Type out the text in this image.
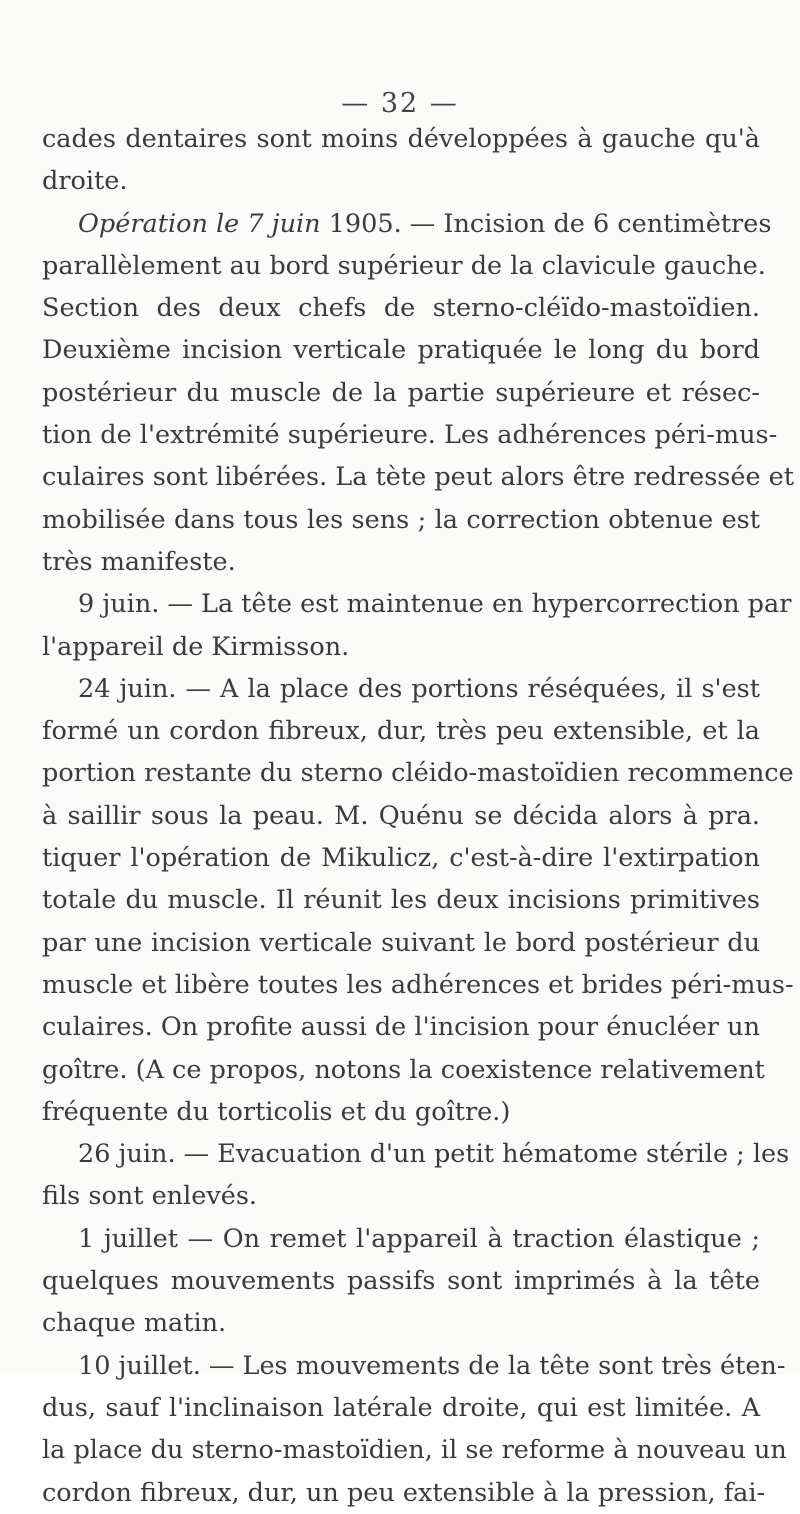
— 32 —
cades dentaires sont moins développées à gauche qu'à
droite.
Opération le 7 juin 1905. — Incision de 6 centimètres
parallèlement au bord supérieur de la clavicule gauche.
Section des deux chefs de sterno-cléïdo-mastoïdien.
Deuxième incision verticale pratiquée le long du bord
postérieur du muscle de la partie supérieure et résec-
tion de l'extrémité supérieure. Les adhérences péri-mus-
culaires sont libérées. La tète peut alors être redressée et
mobilisée dans tous les sens ; la correction obtenue est
très manifeste.
9 juin. — La tête est maintenue en hypercorrection par
l'appareil de Kirmisson.
24 juin. — A la place des portions réséquées, il s'est
formé un cordon fibreux, dur, très peu extensible, et la
portion restante du sterno cléido-mastoïdien recommence
à saillir sous la peau. M. Quénu se décida alors à pra.
tiquer l'opération de Mikulicz, c'est-à-dire l'extirpation
totale du muscle. Il réunit les deux incisions primitives
par une incision verticale suivant le bord postérieur du
muscle et libère toutes les adhérences et brides péri-mus-
culaires. On profite aussi de l'incision pour énucléer un
goître. (A ce propos, notons la coexistence relativement
fréquente du torticolis et du goître.)
26 juin. — Evacuation d'un petit hématome stérile ; les
fils sont enlevés.
1 juillet — On remet l'appareil à traction élastique ;
quelques mouvements passifs sont imprimés à la tête
chaque matin.
10 juillet. — Les mouvements de la tête sont très éten-
dus, sauf l'inclinaison latérale droite, qui est limitée. A
la place du sterno-mastoïdien, il se reforme à nouveau un
cordon fibreux, dur, un peu extensible à la pression, fai-
